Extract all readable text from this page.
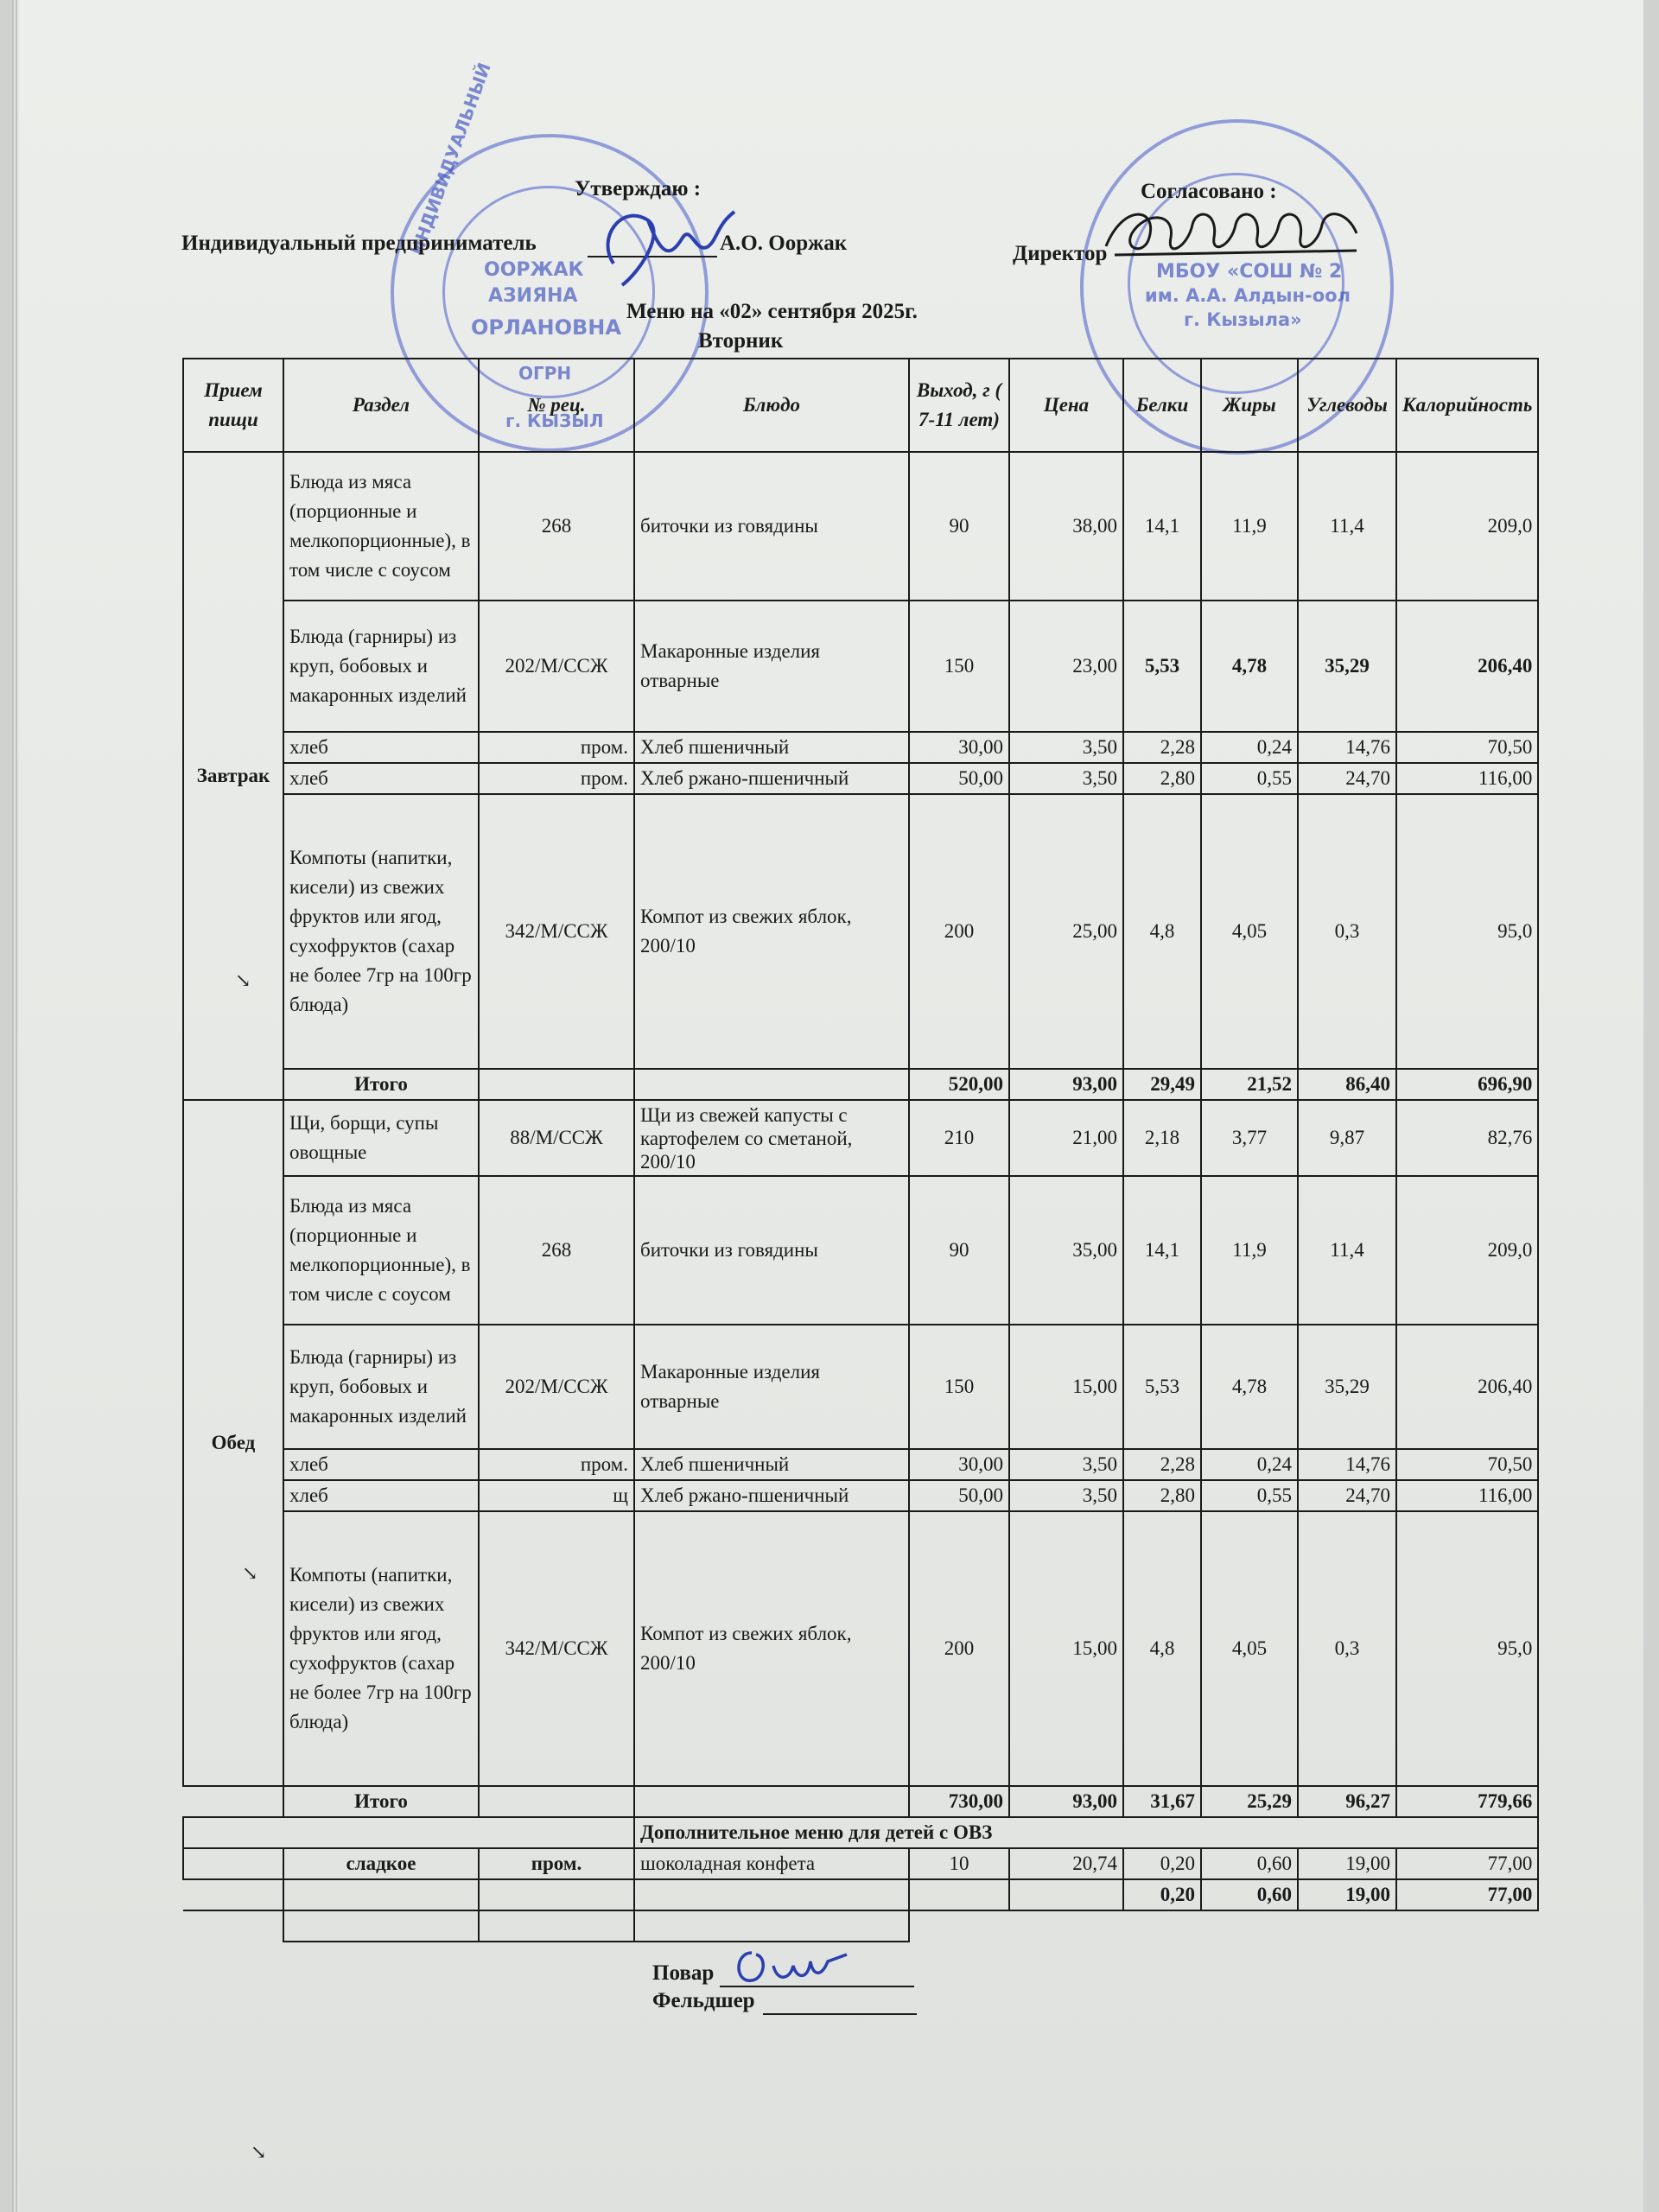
ИНДИВИДУАЛЬНЫЙ
ООРЖАК
АЗИЯНА
ОРЛАНОВНА
ОГРН
г. КЫЗЫЛ
МБОУ «СОШ № 2
им. А.А. Алдын-оол
г. Кызыла»
Утверждаю :
Индивидуальный предприниматель	А.О. Ооржак
Согласовано :
Директор
Меню на «02» сентября 2025г.
Вторник
Прием пищи	Раздел	№ рец.	Блюдо	Выход, г ( 7-11 лет)	Цена	Белки	Жиры	Углеводы	Калорийность
Завтрак	Блюда из мяса (порционные и мелкопорционные), в том числе с соусом	268	биточки из говядины	90	38,00	14,1	11,9	11,4	209,0
	Блюда (гарниры) из круп, бобовых и макаронных изделий	202/М/ССЖ	Макаронные изделия отварные	150	23,00	5,53	4,78	35,29	206,40
	хлеб	пром.	Хлеб пшеничный	30,00	3,50	2,28	0,24	14,76	70,50
	хлеб	пром.	Хлеб ржано-пшеничный	50,00	3,50	2,80	0,55	24,70	116,00
	Компоты (напитки, кисели) из свежих фруктов или ягод, сухофруктов (сахар не более 7гр на 100гр блюда)	342/М/ССЖ	Компот из свежих яблок, 200/10	200	25,00	4,8	4,05	0,3	95,0
	Итого			520,00	93,00	29,49	21,52	86,40	696,90
Обед	Щи, борщи, супы овощные	88/М/ССЖ	Щи из свежей капусты с картофелем со сметаной, 200/10	210	21,00	2,18	3,77	9,87	82,76
	Блюда из мяса (порционные и мелкопорционные), в том числе с соусом	268	биточки из говядины	90	35,00	14,1	11,9	11,4	209,0
	Блюда (гарниры) из круп, бобовых и макаронных изделий	202/М/ССЖ	Макаронные изделия отварные	150	15,00	5,53	4,78	35,29	206,40
	хлеб	пром.	Хлеб пшеничный	30,00	3,50	2,28	0,24	14,76	70,50
	хлеб	щ	Хлеб ржано-пшеничный	50,00	3,50	2,80	0,55	24,70	116,00
	Компоты (напитки, кисели) из свежих фруктов или ягод, сухофруктов (сахар не более 7гр на 100гр блюда)	342/М/ССЖ	Компот из свежих яблок, 200/10	200	15,00	4,8	4,05	0,3	95,0
	Итого			730,00	93,00	31,67	25,29	96,27	779,66
			Дополнительное меню для детей с ОВЗ						
	сладкое	пром.	шоколадная конфета	10	20,74	0,20	0,60	19,00	77,00
						0,20	0,60	19,00	77,00

↘
↘
↘
Повар
Фельдшер
